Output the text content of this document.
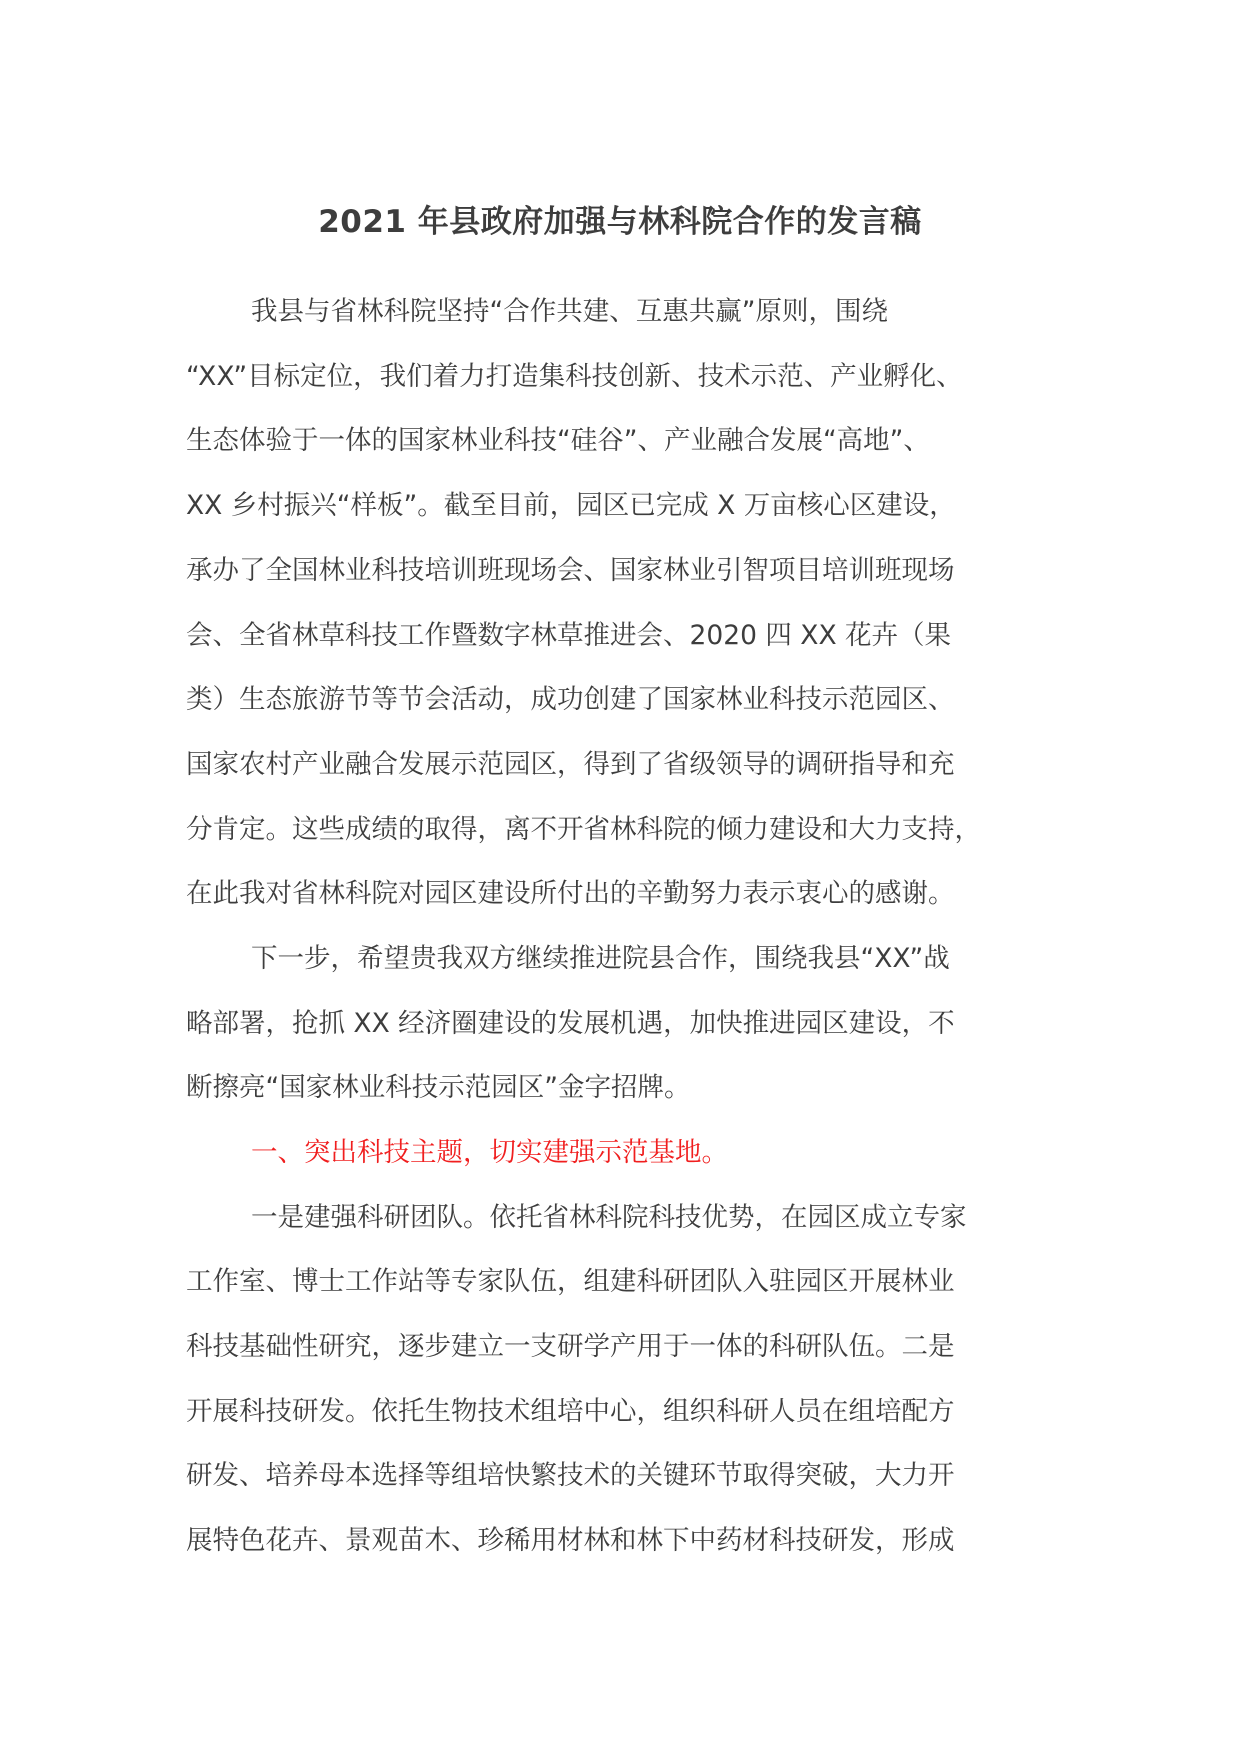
2021 年县政府加强与林科院合作的发言稿

我县与省林科院坚持“合作共建、互惠共赢”原则，围绕

“XX”目标定位，我们着力打造集科技创新、技术示范、产业孵化、

生态体验于一体的国家林业科技“硅谷”、产业融合发展“高地”、

XX 乡村振兴“样板”。截至目前，园区已完成 X 万亩核心区建设，

承办了全国林业科技培训班现场会、国家林业引智项目培训班现场

会、全省林草科技工作暨数字林草推进会、2020 四 XX 花卉（果

类）生态旅游节等节会活动，成功创建了国家林业科技示范园区、

国家农村产业融合发展示范园区，得到了省级领导的调研指导和充

分肯定。这些成绩的取得，离不开省林科院的倾力建设和大力支持，

在此我对省林科院对园区建设所付出的辛勤努力表示衷心的感谢。

下一步，希望贵我双方继续推进院县合作，围绕我县“XX”战

略部署，抢抓 XX 经济圈建设的发展机遇，加快推进园区建设，不

断擦亮“国家林业科技示范园区”金字招牌。

一、突出科技主题，切实建强示范基地。

一是建强科研团队。依托省林科院科技优势，在园区成立专家

工作室、博士工作站等专家队伍，组建科研团队入驻园区开展林业

科技基础性研究，逐步建立一支研学产用于一体的科研队伍。二是

开展科技研发。依托生物技术组培中心，组织科研人员在组培配方

研发、培养母本选择等组培快繁技术的关键环节取得突破，大力开

展特色花卉、景观苗木、珍稀用材林和林下中药材科技研发，形成
